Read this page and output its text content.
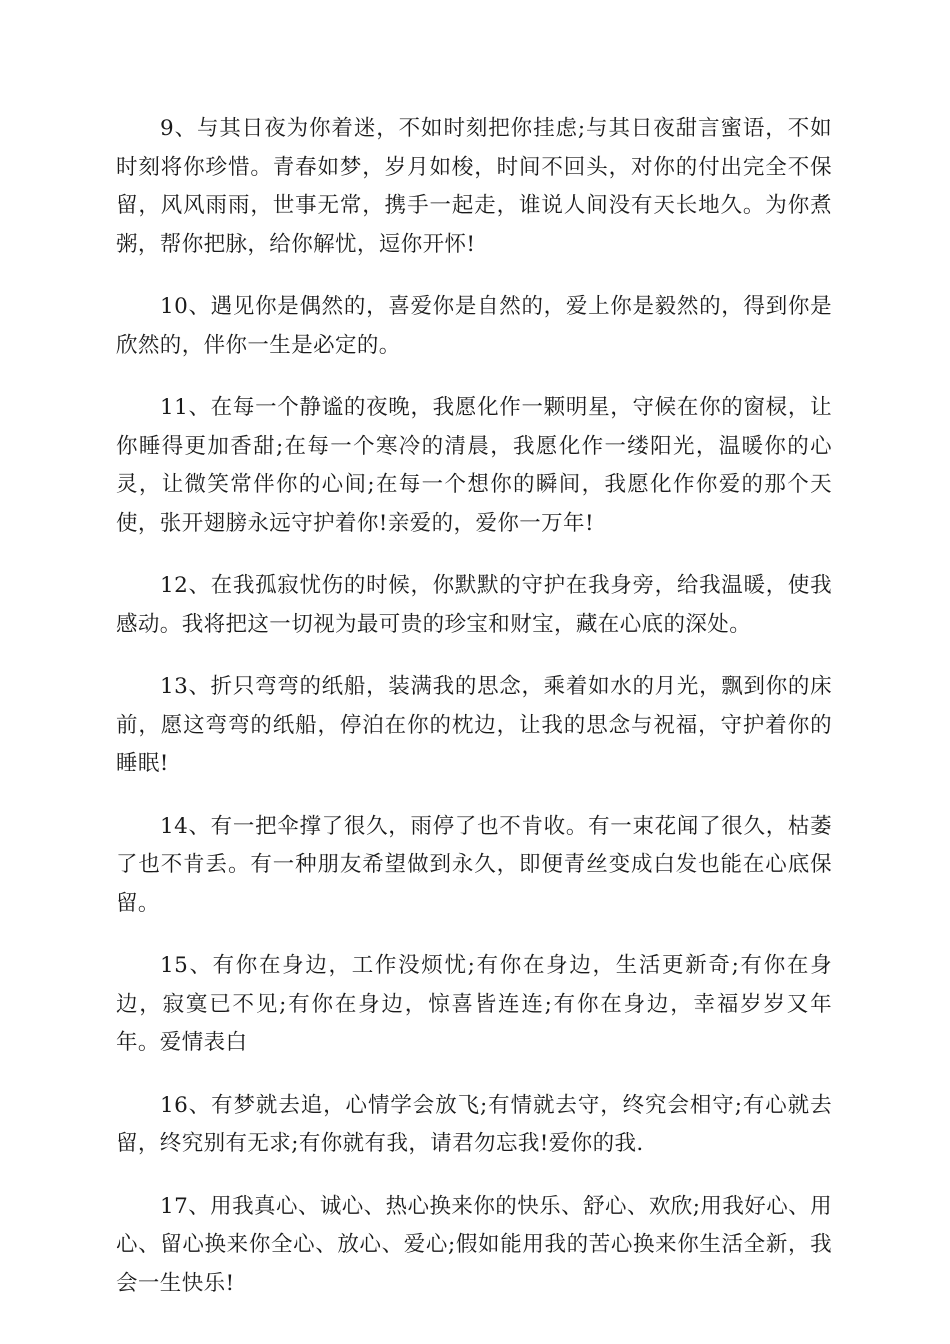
9、与其日夜为你着迷，不如时刻把你挂虑;与其日夜甜言蜜语，不如时刻将你珍惜。青春如梦，岁月如梭，时间不回头，对你的付出完全不保留，风风雨雨，世事无常，携手一起走，谁说人间没有天长地久。为你煮粥，帮你把脉，给你解忧，逗你开怀!

10、遇见你是偶然的，喜爱你是自然的，爱上你是毅然的，得到你是欣然的，伴你一生是必定的。

11、在每一个静谧的夜晚，我愿化作一颗明星，守候在你的窗棂，让你睡得更加香甜;在每一个寒冷的清晨，我愿化作一缕阳光，温暖你的心灵，让微笑常伴你的心间;在每一个想你的瞬间，我愿化作你爱的那个天使，张开翅膀永远守护着你!亲爱的，爱你一万年!

12、在我孤寂忧伤的时候，你默默的守护在我身旁，给我温暖，使我感动。我将把这一切视为最可贵的珍宝和财宝，藏在心底的深处。

13、折只弯弯的纸船，装满我的思念，乘着如水的月光，飘到你的床前，愿这弯弯的纸船，停泊在你的枕边，让我的思念与祝福，守护着你的睡眠!

14、有一把伞撑了很久，雨停了也不肯收。有一束花闻了很久，枯萎了也不肯丢。有一种朋友希望做到永久，即便青丝变成白发也能在心底保留。

15、有你在身边，工作没烦忧;有你在身边，生活更新奇;有你在身边，寂寞已不见;有你在身边，惊喜皆连连;有你在身边，幸福岁岁又年年。爱情表白

16、有梦就去追，心情学会放飞;有情就去守，终究会相守;有心就去留，终究别有无求;有你就有我，请君勿忘我!爱你的我.

17、用我真心、诚心、热心换来你的快乐、舒心、欢欣;用我好心、用心、留心换来你全心、放心、爱心;假如能用我的苦心换来你生活全新，我会一生快乐!
